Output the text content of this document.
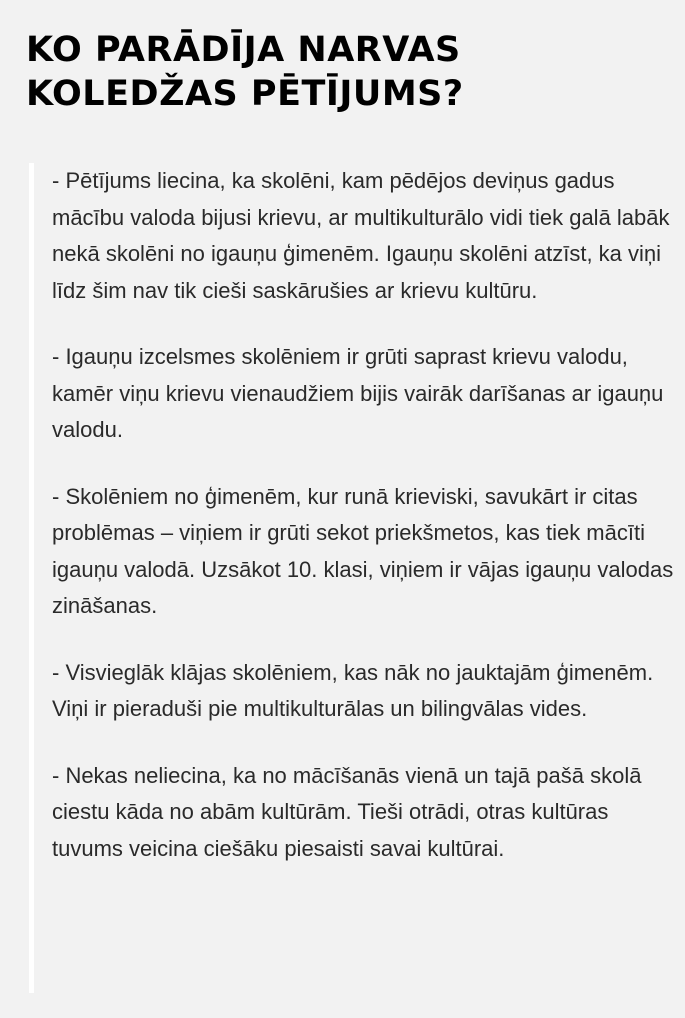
KO PARĀDĪJA NARVAS
KOLEDŽAS PĒTĪJUMS?

- Pētījums liecina, ka skolēni, kam pēdējos deviņus gadus mācību valoda bijusi krievu, ar multikulturālo vidi tiek galā labāk nekā skolēni no igauņu ģimenēm. Igauņu skolēni atzīst, ka viņi līdz šim nav tik cieši saskārušies ar krievu kultūru.

- Igauņu izcelsmes skolēniem ir grūti saprast krievu valodu, kamēr viņu krievu vienaudžiem bijis vairāk darīšanas ar igauņu valodu.

- Skolēniem no ģimenēm, kur runā krieviski, savukārt ir citas problēmas – viņiem ir grūti sekot priekšmetos, kas tiek mācīti igauņu valodā. Uzsākot 10. klasi, viņiem ir vājas igauņu valodas zināšanas.

- Visvieglāk klājas skolēniem, kas nāk no jauktajām ģimenēm. Viņi ir pieraduši pie multikulturālas un bilingvālas vides.

- Nekas neliecina, ka no mācīšanās vienā un tajā pašā skolā ciestu kāda no abām kultūrām. Tieši otrādi, otras kultūras tuvums veicina ciešāku piesaisti savai kultūrai.
